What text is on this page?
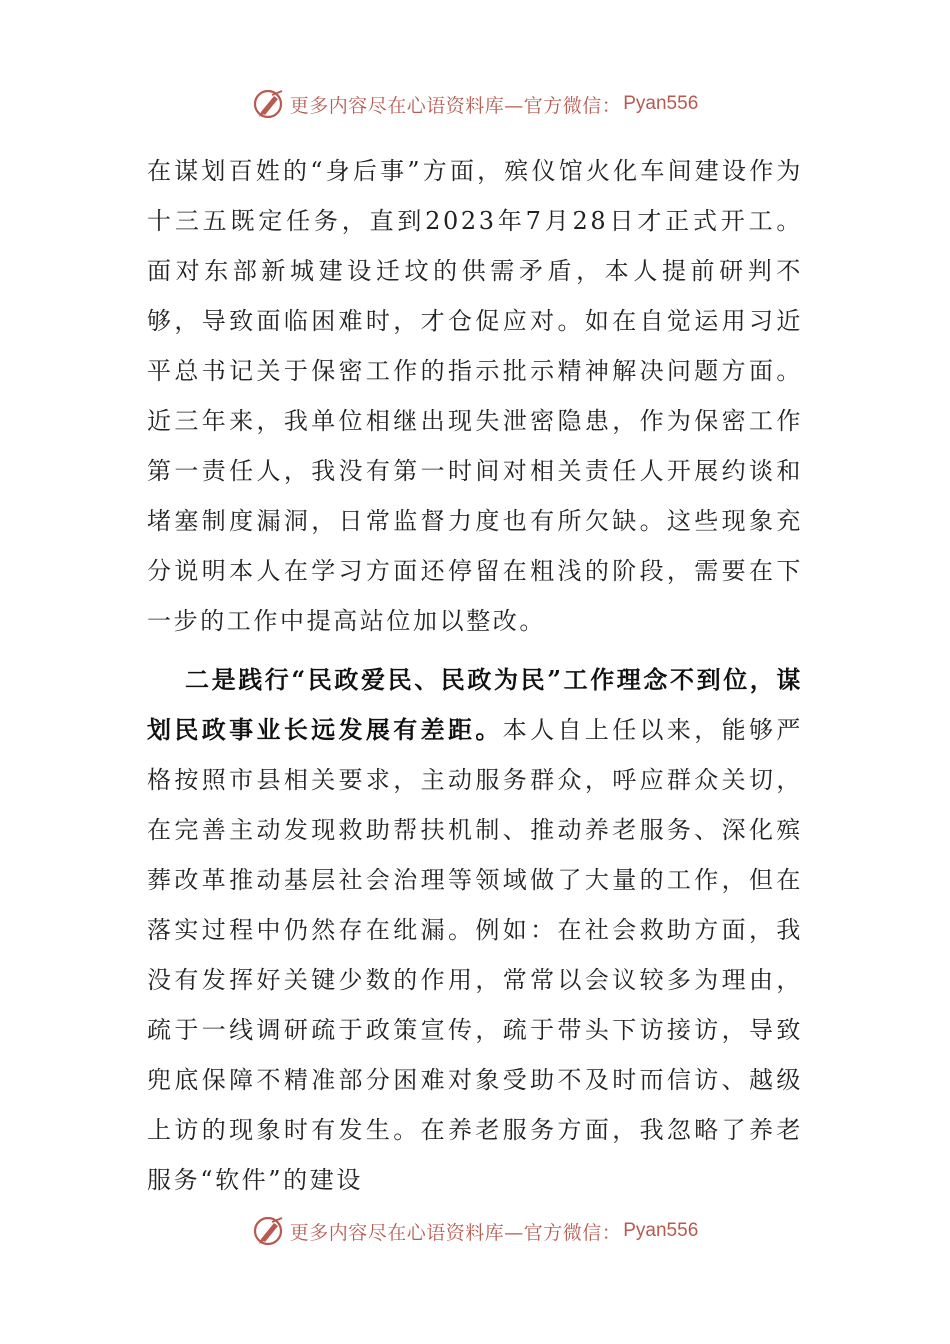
更多内容尽在心语资料库—官方微信： Pyan556

在谋划百姓的“身后事”方面，殡仪馆火化车间建设作为十三五既定任务，直到2023年7月28日才正式开工。面对东部新城建设迁坟的供需矛盾，本人提前研判不够，导致面临困难时，才仓促应对。如在自觉运用习近平总书记关于保密工作的指示批示精神解决问题方面。近三年来，我单位相继出现失泄密隐患，作为保密工作第一责任人，我没有第一时间对相关责任人开展约谈和堵塞制度漏洞，日常监督力度也有所欠缺。这些现象充分说明本人在学习方面还停留在粗浅的阶段，需要在下一步的工作中提高站位加以整改。

二是践行“民政爱民、民政为民”工作理念不到位，谋划民政事业长远发展有差距。本人自上任以来，能够严格按照市县相关要求，主动服务群众，呼应群众关切，在完善主动发现救助帮扶机制、推动养老服务、深化殡葬改革推动基层社会治理等领域做了大量的工作，但在落实过程中仍然存在纰漏。例如：在社会救助方面，我没有发挥好关键少数的作用，常常以会议较多为理由，疏于一线调研疏于政策宣传，疏于带头下访接访，导致兜底保障不精准部分困难对象受助不及时而信访、越级上访的现象时有发生。在养老服务方面，我忽略了养老服务“软件”的建设

更多内容尽在心语资料库—官方微信： Pyan556
